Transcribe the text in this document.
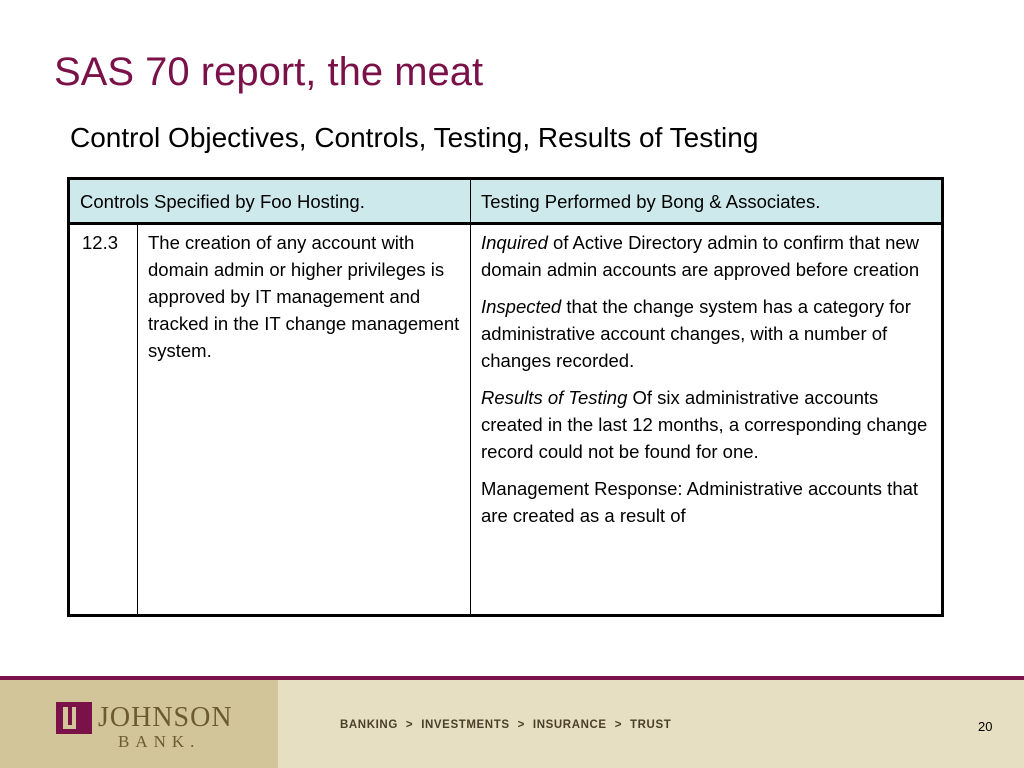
SAS 70 report, the meat
Control Objectives, Controls, Testing, Results of Testing
Controls Specified by Foo Hosting.		Testing Performed by Bong & Associates.
12.3	The creation of any account with domain admin or higher privileges is approved by IT management and tracked in the IT change management system.	Inquired of Active Directory admin to confirm that new domain admin accounts are approved before creation

Inspected that the change system has a category for administrative account changes, with a number of changes recorded.

Results of Testing Of six administrative accounts created in the last 12 months, a corresponding change record could not be found for one.

Management Response: Administrative accounts that are created as a result of

JOHNSON
BANK.
BANKING > INVESTMENTS > INSURANCE > TRUST	20
